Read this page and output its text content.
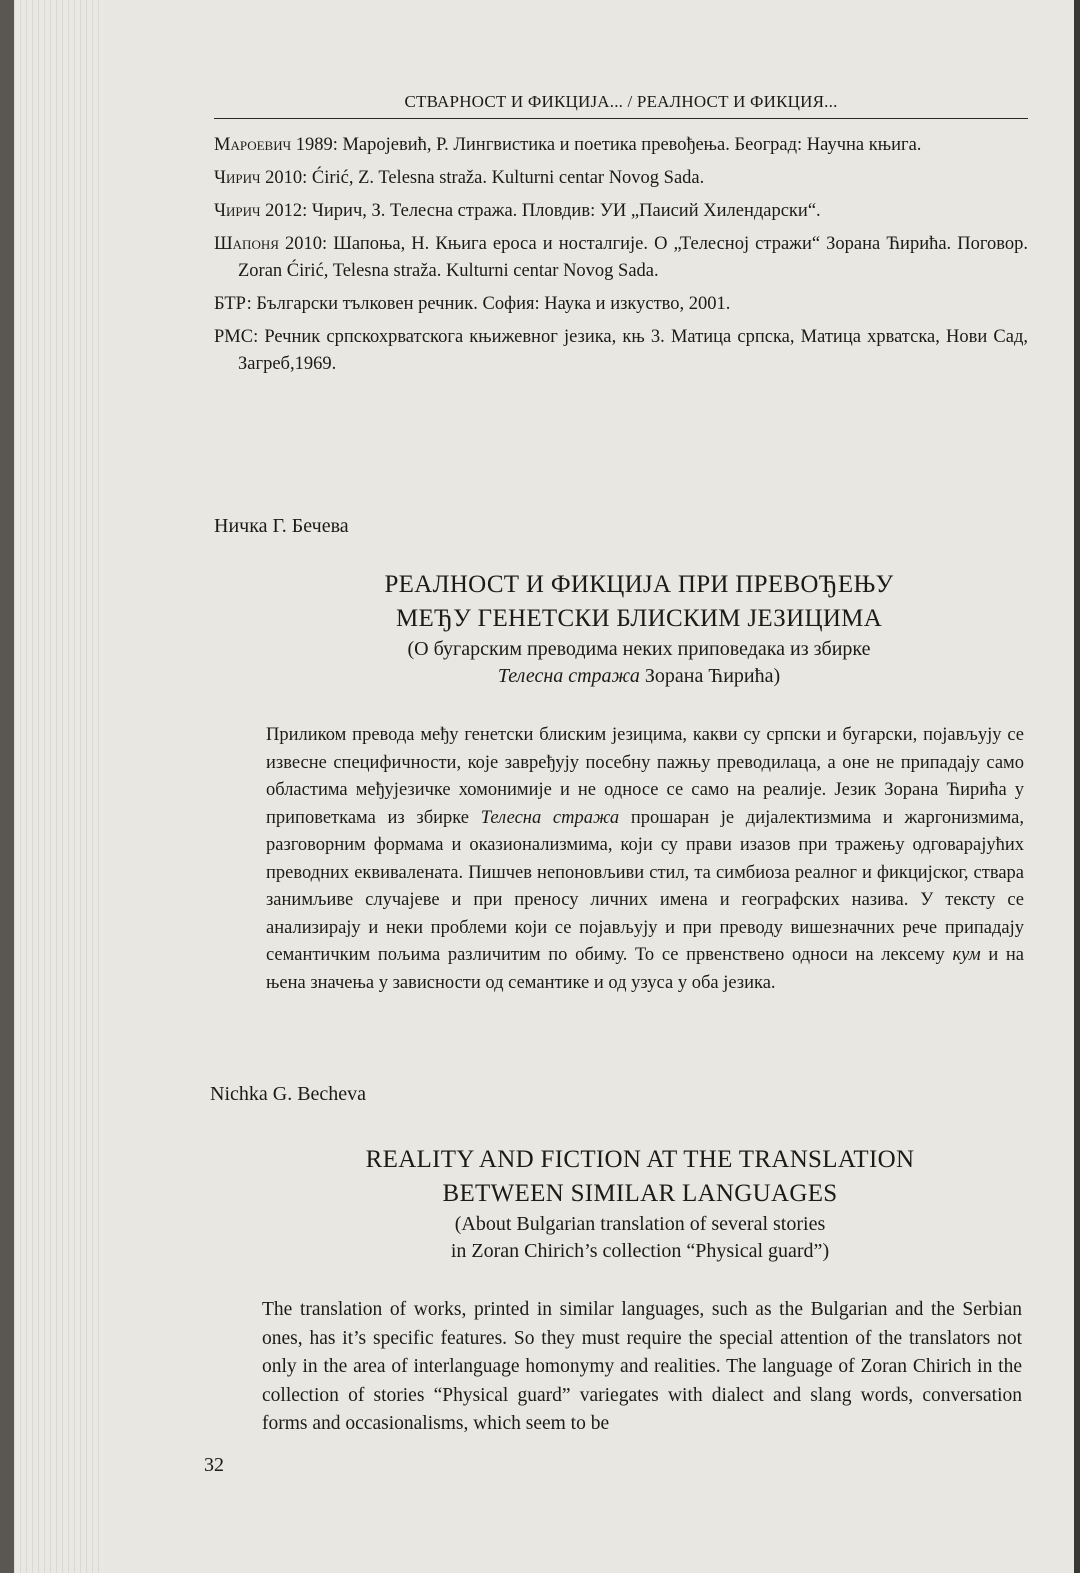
СТВАРНОСТ И ФИКЦИЈА... / РЕАЛНОСТ И ФИКЦИЯ...

Мароевич 1989: Маројевић, Р. Лингвистика и поетика превођења. Београд: Научна књига.

Чирич 2010: Ćirić, Z. Telesna straža. Kulturni centar Novog Sada.

Чирич 2012: Чирич, З. Телесна стража. Пловдив: УИ „Паисий Хилендарски“.

Шапоня 2010: Шапоња, Н. Књига ероса и носталгије. О „Телесној стражи“ Зорана Ћирића. Поговор. Zoran Ćirić, Telesna straža. Kulturni centar Novog Sada.

БТР: Български тълковен речник. София: Наука и изкуство, 2001.

РМС: Речник српскохрватскога књижевног језика, књ 3. Матица српска, Матица хрватска, Нови Сад, Загреб,1969.

Ничка Г. Бечева
РЕАЛНОСТ И ФИКЦИЈА ПРИ ПРЕВОЂЕЊУ
МЕЂУ ГЕНЕТСКИ БЛИСКИМ ЈЕЗИЦИМА
(О бугарским преводима неких приповедака из збирке
Телесна стража Зорана Ћирића)

Приликом превода међу генетски блиским језицима, какви су српски и бугарски, појављују се извесне специфичности, које заврeђују посебну пажњу преводилаца, а оне не припадају само областима међујезичке хомонимије и не односе се само на реалије. Језик Зорана Ћирића у приповеткама из збирке Телесна стража прошаран је дијалектизмима и жаргонизмима, разговорним формама и оказионализмима, који су прави изазов при тражењу одговарајућих преводних еквивалената. Пишчев непоновљиви стил, та симбиоза реалног и фикцијског, ствара занимљиве случајеве и при преносу личних имена и географских назива. У тексту се анализирају и неки проблеми који се појављују и при преводу вишезначних рече припадају семантичким пољима различитим по обиму. То се првенствено односи на лексему кум и на њена значења у зависности од семантике и од узуса у оба језика.

Nichka G. Becheva
REALITY AND FICTION AT THE TRANSLATION
BETWEEN SIMILAR LANGUAGES
(About Bulgarian translation of several stories
in Zoran Chirich’s collection “Physical guard”)

The translation of works, printed in similar languages, such as the Bulgarian and the Serbian ones, has it’s specific features. So they must require the special attention of the translators not only in the area of interlanguage homonymy and realities. The language of Zoran Chirich in the collection of stories “Physical guard” variegates with dialect and slang words, conversation forms and occasionalisms, which seem to be

32
